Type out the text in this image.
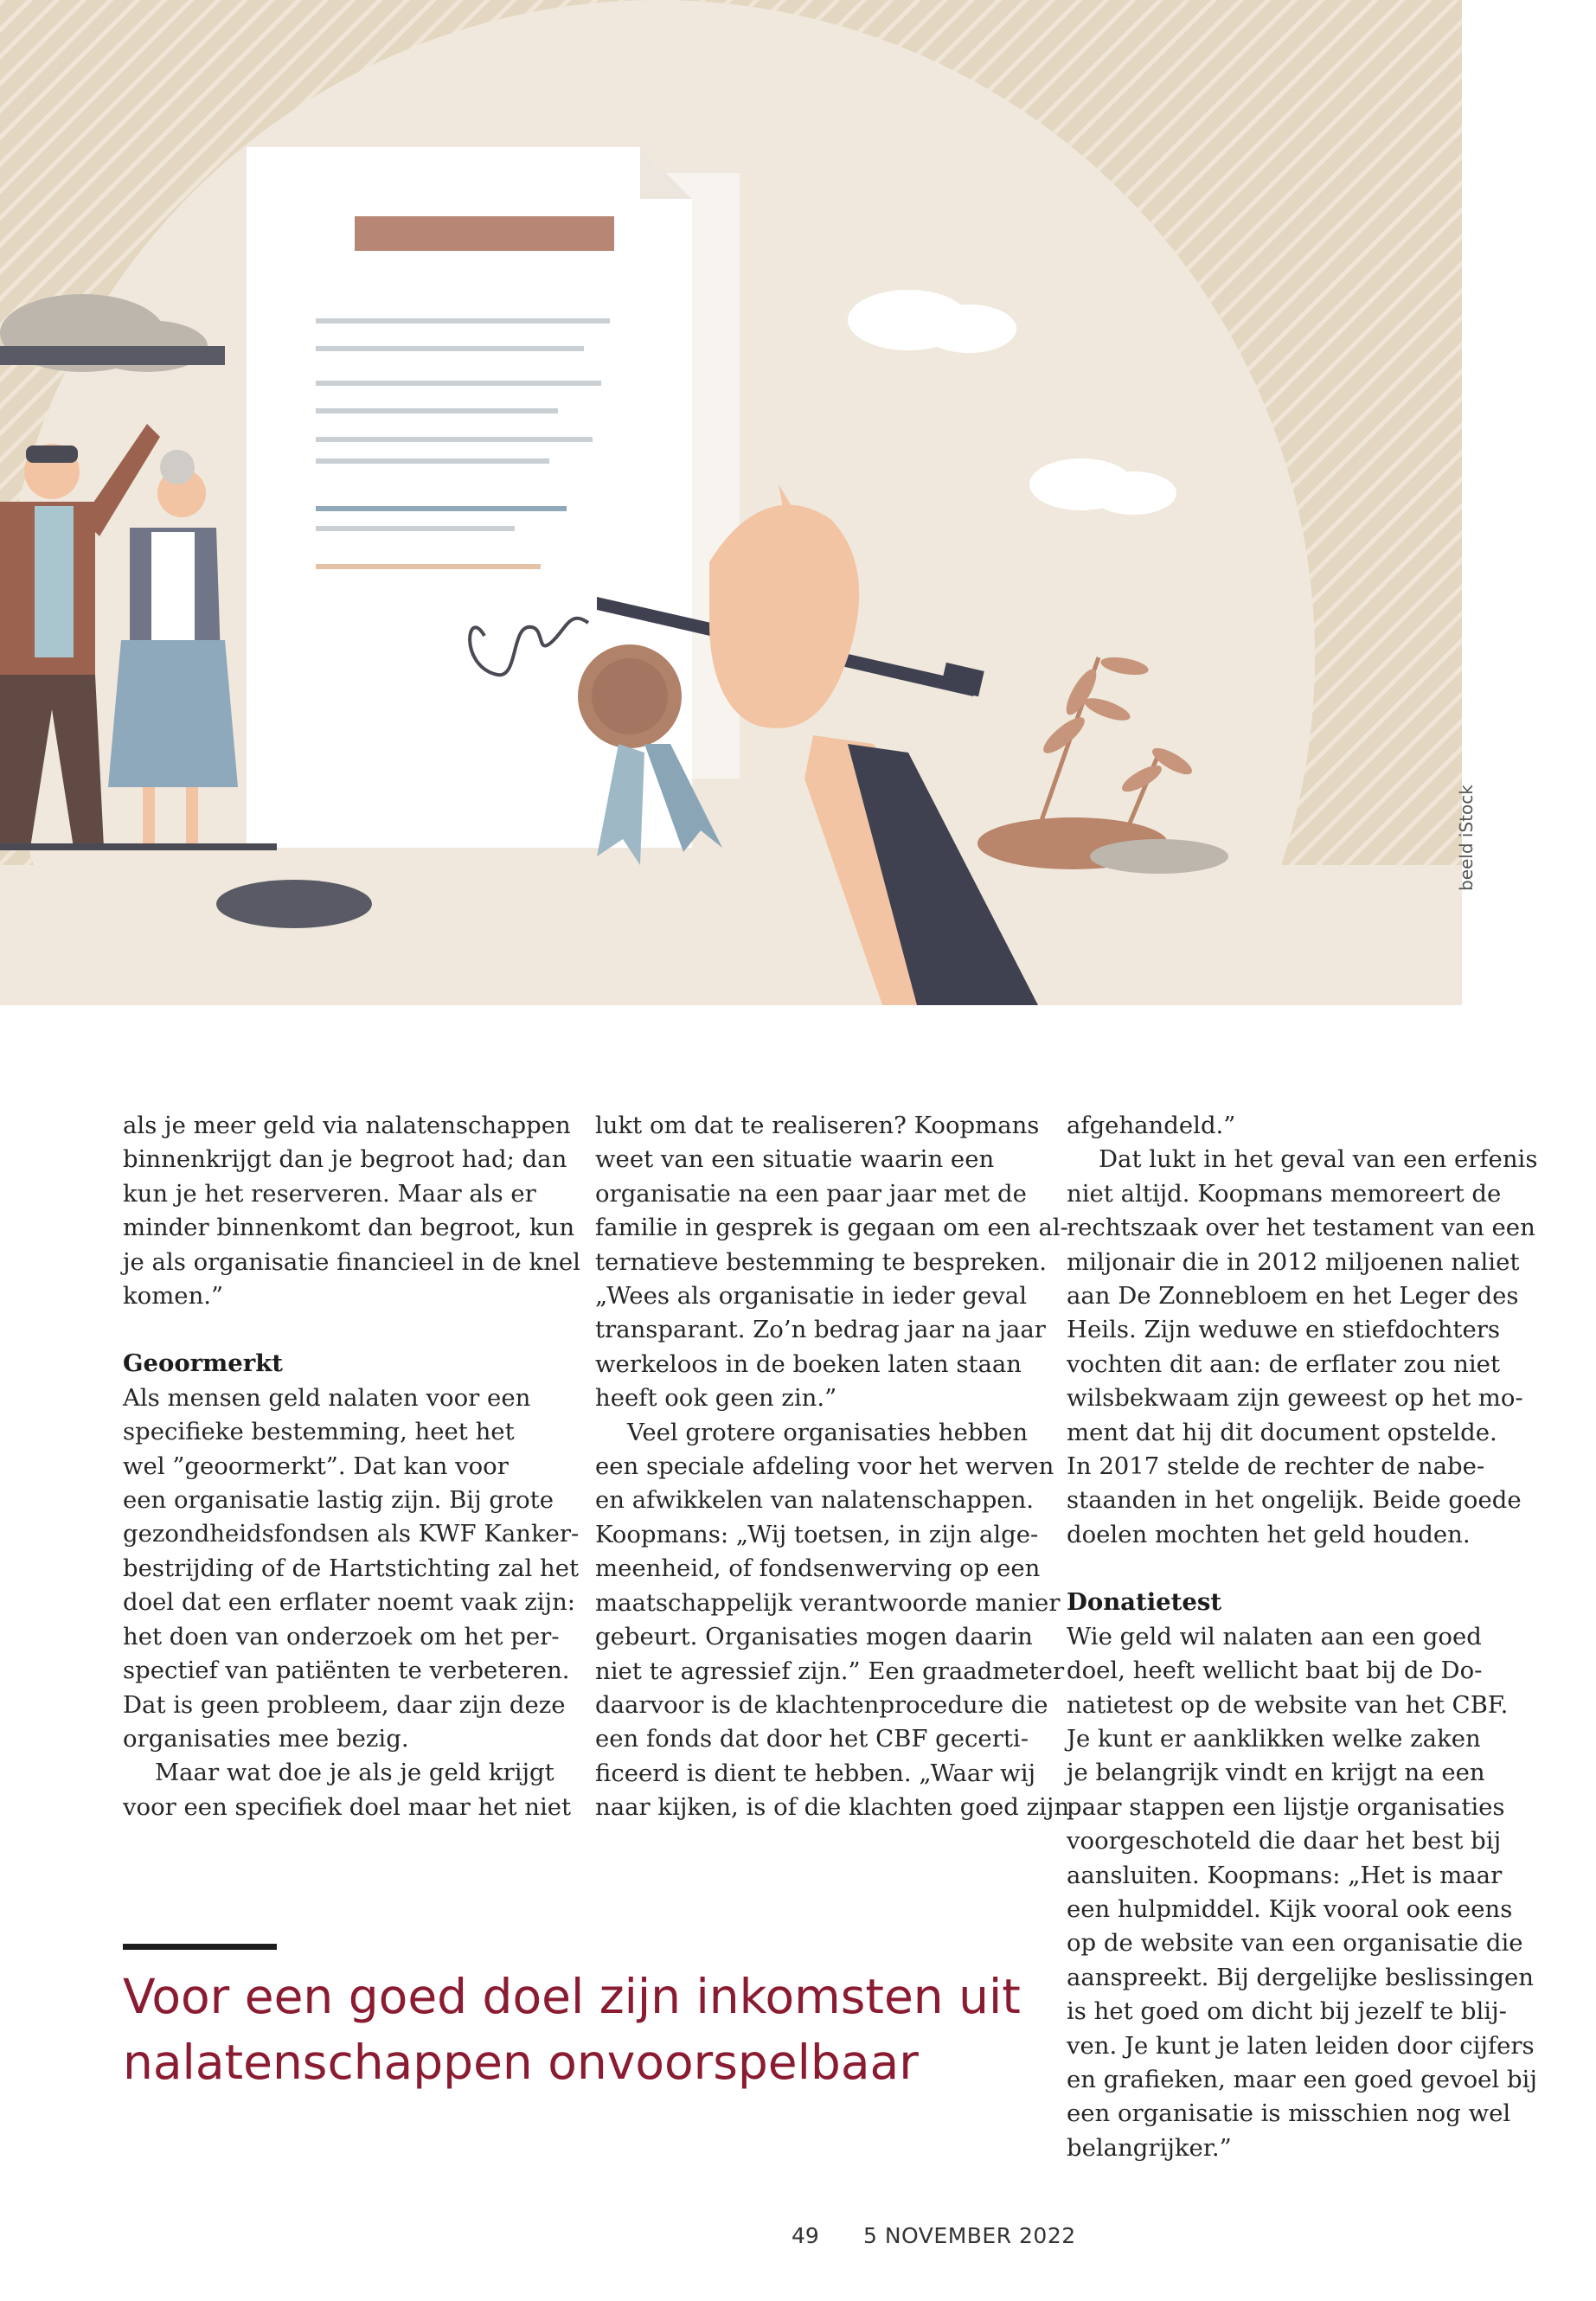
beeld iStock

als je meer geld via nalatenschappen
binnenkrijgt dan je begroot had; dan
kun je het reserveren. Maar als er
minder binnenkomt dan begroot, kun
je als organisatie financieel in de knel
komen.”

Geoormerkt

Als mensen geld nalaten voor een
specifieke bestemming, heet het
wel ”geoormerkt”. Dat kan voor
een organisatie lastig zijn. Bij grote
gezondheidsfondsen als KWF Kanker-
bestrijding of de Hartstichting zal het
doel dat een erflater noemt vaak zijn:
het doen van onderzoek om het per-
spectief van patiënten te verbeteren.
Dat is geen probleem, daar zijn deze
organisaties mee bezig.

Maar wat doe je als je geld krijgt
voor een specifiek doel maar het niet

lukt om dat te realiseren? Koopmans
weet van een situatie waarin een
organisatie na een paar jaar met de
familie in gesprek is gegaan om een al-
ternatieve bestemming te bespreken.
„Wees als organisatie in ieder geval
transparant. Zo’n bedrag jaar na jaar
werkeloos in de boeken laten staan
heeft ook geen zin.”

Veel grotere organisaties hebben
een speciale afdeling voor het werven
en afwikkelen van nalatenschappen.
Koopmans: „Wij toetsen, in zijn alge-
meenheid, of fondsenwerving op een
maatschappelijk verantwoorde manier
gebeurt. Organisaties mogen daarin
niet te agressief zijn.” Een graadmeter
daarvoor is de klachtenprocedure die
een fonds dat door het CBF gecerti-
ficeerd is dient te hebben. „Waar wij
naar kijken, is of die klachten goed zijn

afgehandeld.”

Dat lukt in het geval van een erfenis
niet altijd. Koopmans memoreert de
rechtszaak over het testament van een
miljonair die in 2012 miljoenen naliet
aan De Zonnebloem en het Leger des
Heils. Zijn weduwe en stiefdochters
vochten dit aan: de erflater zou niet
wilsbekwaam zijn geweest op het mo-
ment dat hij dit document opstelde.
In 2017 stelde de rechter de nabe-
staanden in het ongelijk. Beide goede
doelen mochten het geld houden.

Donatietest

Wie geld wil nalaten aan een goed
doel, heeft wellicht baat bij de Do-
natietest op de website van het CBF.
Je kunt er aanklikken welke zaken
je belangrijk vindt en krijgt na een
paar stappen een lijstje organisaties
voorgeschoteld die daar het best bij
aansluiten. Koopmans: „Het is maar
een hulpmiddel. Kijk vooral ook eens
op de website van een organisatie die
aanspreekt. Bij dergelijke beslissingen
is het goed om dicht bij jezelf te blij-
ven. Je kunt je laten leiden door cijfers
en grafieken, maar een goed gevoel bij
een organisatie is misschien nog wel
belangrijker.”

Voor een goed doel zijn inkomsten uit
nalatenschappen onvoorspelbaar
49 5 NOVEMBER 2022
